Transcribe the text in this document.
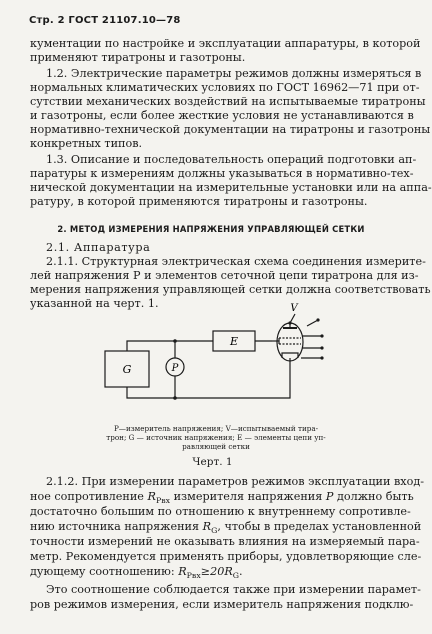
Стр. 2 ГОСТ 21107.10—78
кументации по настройке и эксплуатации аппаратуры, в которой
применяют тиратроны и газотроны.
1.2. Электрические параметры режимов должны измеряться в
нормальных климатических условиях по ГОСТ 16962—71 при от-
сутствии механических воздействий на испытываемые тиратроны
и газотроны, если более жесткие условия не устанавливаются в
нормативно-технической документации на тиратроны и газотроны
конкретных типов.
1.3. Описание и последовательность операций подготовки ап-
паратуры к измерениям должны указываться в нормативно-тех-
нической документации на измерительные установки или на аппа-
ратуру, в которой применяются тиратроны и газотроны.
2. МЕТОД ИЗМЕРЕНИЯ НАПРЯЖЕНИЯ УПРАВЛЯЮЩЕЙ СЕТКИ
2.1. Аппаратура
2.1.1. Структурная электрическая схема соединения измерите-
лей напряжения P и элементов сеточной цепи тиратрона для из-
мерения напряжения управляющей сетки должна соответствовать
указанной на черт. 1.
G	P
E
V
P—измеритель напряжения; V—испытываемый тира-
трон; G — источник напряжения; E — элементы цепи уп-
равляющей сетки
Черт. 1
2.1.2. При измерении параметров режимов эксплуатации вход-
ное сопротивление $R_{Pвх}$ измерителя напряжения P должно быть
достаточно большим по отношению к внутреннему сопротивле-
нию источника напряжения $R_G$, чтобы в пределах установленной
точности измерений не оказывать влияния на измеряемый пара-
метр. Рекомендуется применять приборы, удовлетворяющие сле-
дующему соотношению: $R_{Pвх}\ge 20R_G$.
Это соотношение соблюдается также при измерении парамет-
ров режимов измерения, если измеритель напряжения подклю-
